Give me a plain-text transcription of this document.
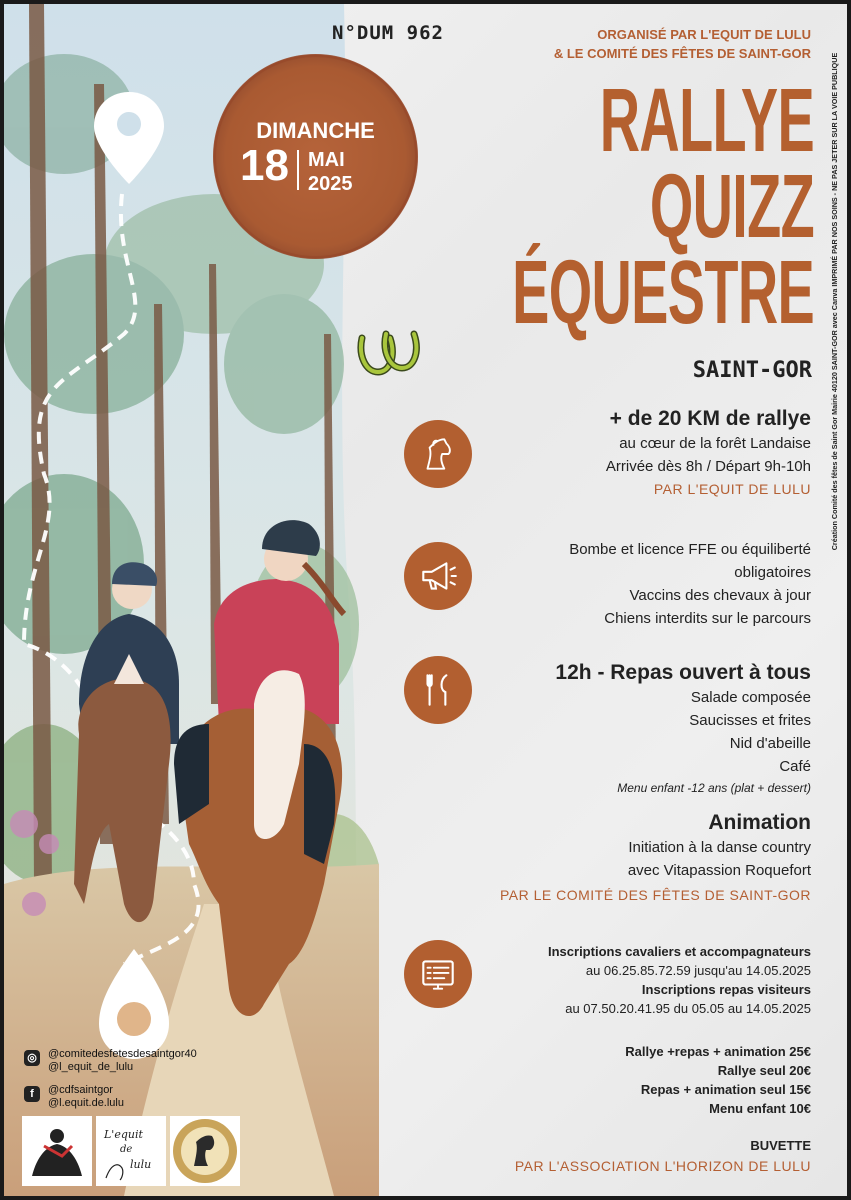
N°DUM 962
DIMANCHE
18 MAI
2025
ORGANISÉ PAR L'EQUIT DE LULU
& LE COMITÉ DES FÊTES DE SAINT-GOR	Création Comité des fêtes de Saint Gor Mairie 40120 SAINT-GOR avec Canva IMPRIMÉ PAR NOS SOINS - NE PAS JETER SUR LA VOIE PUBLIQUE
RALLYE
QUIZZ
ÉQUESTRE
SAINT-GOR
+ de 20 KM de rallye
au cœur de la forêt Landaise
Arrivée dès 8h / Départ 9h-10h
PAR L'EQUIT DE LULU
Bombe et licence FFE ou équiliberté
obligatoires
Vaccins des chevaux à jour
Chiens interdits sur le parcours
12h - Repas ouvert à tous
Salade composée
Saucisses et frites
Nid d'abeille
Café
Menu enfant -12 ans (plat + dessert)
Animation
Initiation à la danse country
avec Vitapassion Roquefort
PAR LE COMITÉ DES FÊTES DE SAINT-GOR
Inscriptions cavaliers et accompagnateurs
au 06.25.85.72.59 jusqu'au 14.05.2025
Inscriptions repas visiteurs
au 07.50.20.41.95 du 05.05 au 14.05.2025
Rallye +repas + animation 25€
Rallye seul 20€
Repas + animation seul 15€
Menu enfant 10€
BUVETTE
PAR L'ASSOCIATION L'HORIZON DE LULU
◎ @comitedesfetesdesaintgor40
@l_equit_de_lulu
f	@cdfsaintgor
@l.equit.de.lulu
L'equit
de
lulu
